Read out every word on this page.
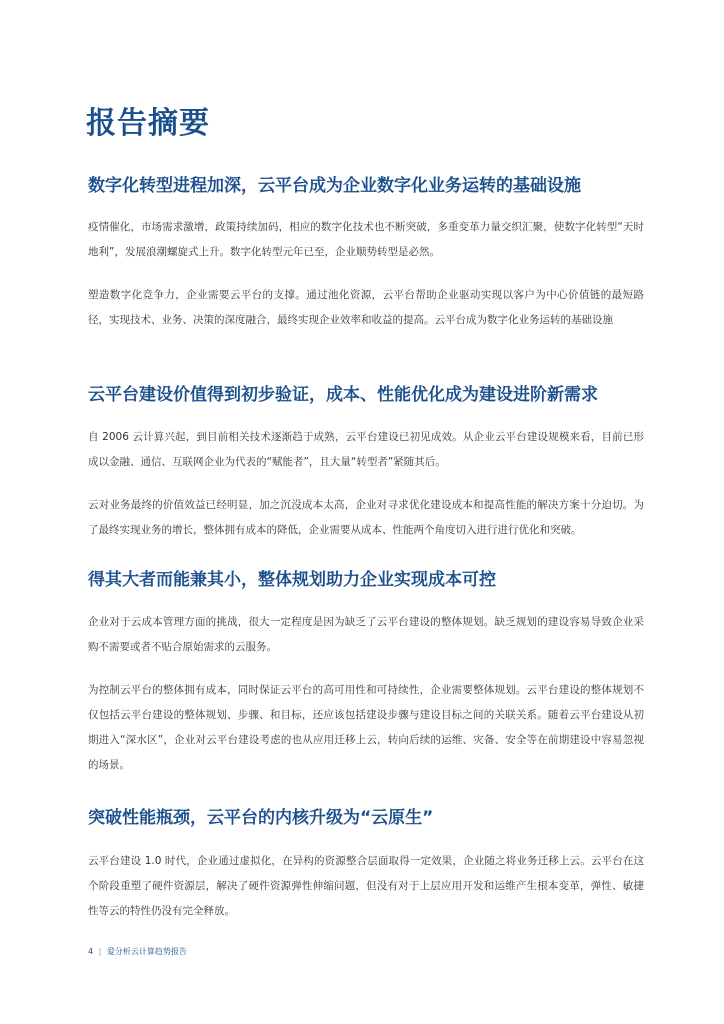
报告摘要
数字化转型进程加深，云平台成为企业数字化业务运转的基础设施

疫情催化，市场需求激增，政策持续加码，相应的数字化技术也不断突破，多重变革力量交织汇聚，使数字化转型“天时地利”，发展浪潮螺旋式上升。数字化转型元年已至，企业顺势转型是必然。

塑造数字化竞争力，企业需要云平台的支撑。通过池化资源，云平台帮助企业驱动实现以客户为中心价值链的最短路径，实现技术、业务、决策的深度融合，最终实现企业效率和收益的提高。云平台成为数字化业务运转的基础设施

云平台建设价值得到初步验证，成本、性能优化成为建设进阶新需求

自 2006 云计算兴起，到目前相关技术逐渐趋于成熟，云平台建设已初见成效。从企业云平台建设规模来看，目前已形成以金融、通信、互联网企业为代表的“赋能者”，且大量“转型者”紧随其后。

云对业务最终的价值效益已经明显，加之沉没成本太高，企业对寻求优化建设成本和提高性能的解决方案十分迫切。为了最终实现业务的增长，整体拥有成本的降低，企业需要从成本、性能两个角度切入进行进行优化和突破。

得其大者而能兼其小，整体规划助力企业实现成本可控

企业对于云成本管理方面的挑战，很大一定程度是因为缺乏了云平台建设的整体规划。缺乏规划的建设容易导致企业采购不需要或者不贴合原始需求的云服务。

为控制云平台的整体拥有成本，同时保证云平台的高可用性和可持续性，企业需要整体规划。云平台建设的整体规划不仅包括云平台建设的整体规划、步骤、和目标，还应该包括建设步骤与建设目标之间的关联关系。随着云平台建设从初期进入“深水区”，企业对云平台建设考虑的也从应用迁移上云，转向后续的运维、灾备、安全等在前期建设中容易忽视的场景。

突破性能瓶颈，云平台的内核升级为“云原生”

云平台建设 1.0 时代，企业通过虚拟化，在异构的资源整合层面取得一定效果，企业随之将业务迁移上云。云平台在这个阶段重塑了硬件资源层，解决了硬件资源弹性伸缩问题，但没有对于上层应用开发和运维产生根本变革，弹性、敏捷性等云的特性仍没有完全释放。

4 | 爱分析云计算趋势报告
